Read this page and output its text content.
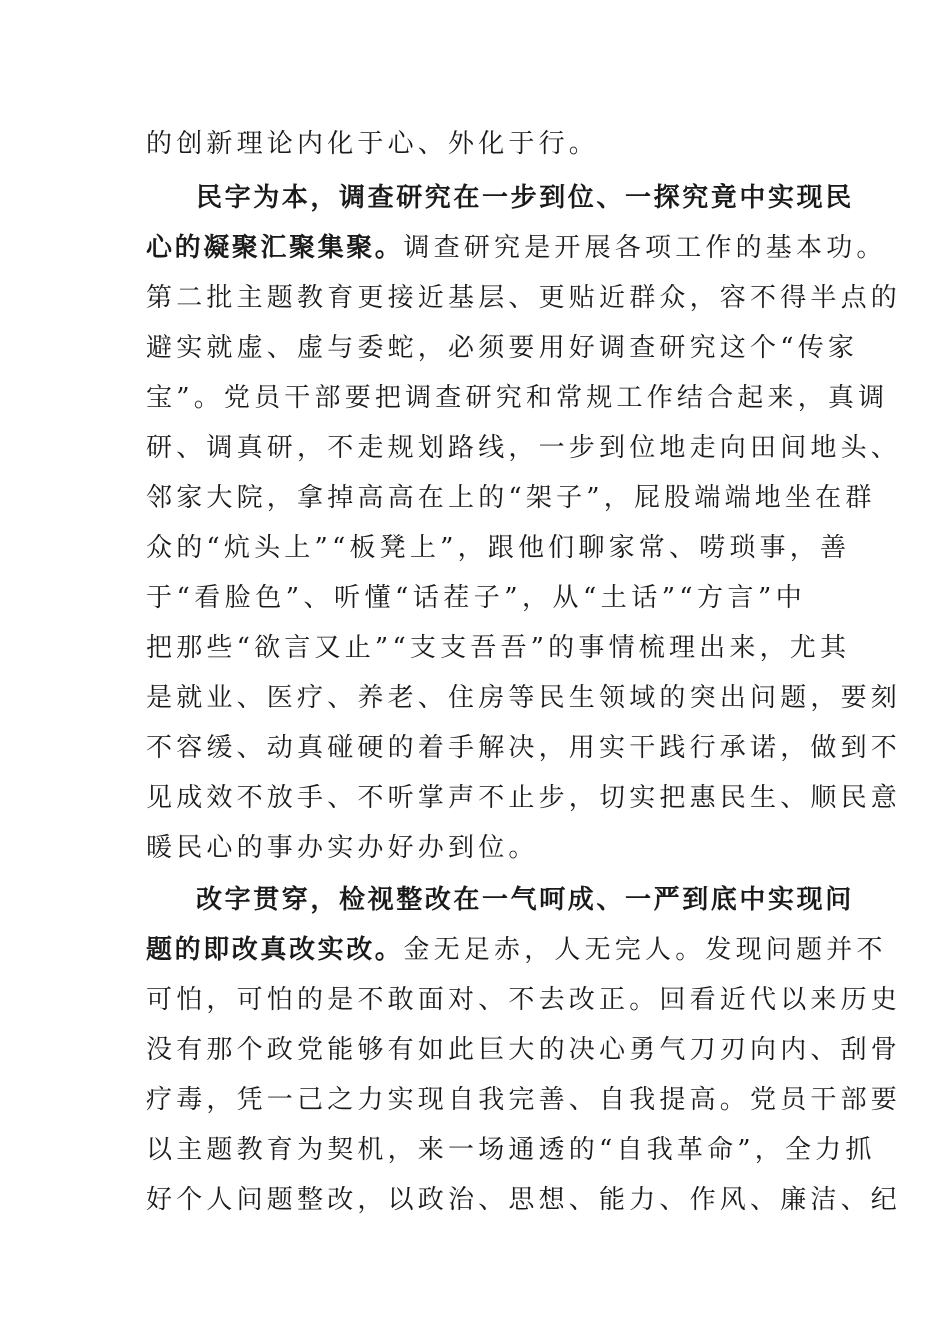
的创新理论内化于心、外化于行。
民字为本，调查研究在一步到位、一探究竟中实现民
心的凝聚汇聚集聚。调查研究是开展各项工作的基本功。
第二批主题教育更接近基层、更贴近群众，容不得半点的
避实就虚、虚与委蛇，必须要用好调查研究这个“传家
宝”。党员干部要把调查研究和常规工作结合起来，真调
研、调真研，不走规划路线，一步到位地走向田间地头、
邻家大院，拿掉高高在上的“架子”，屁股端端地坐在群
众的“炕头上”“板凳上”，跟他们聊家常、唠琐事，善
于“看脸色”、听懂“话茬子”，从“土话”“方言”中
把那些“欲言又止”“支支吾吾”的事情梳理出来，尤其
是就业、医疗、养老、住房等民生领域的突出问题，要刻
不容缓、动真碰硬的着手解决，用实干践行承诺，做到不
见成效不放手、不听掌声不止步，切实把惠民生、顺民意
暖民心的事办实办好办到位。
改字贯穿，检视整改在一气呵成、一严到底中实现问
题的即改真改实改。金无足赤，人无完人。发现问题并不
可怕，可怕的是不敢面对、不去改正。回看近代以来历史
没有那个政党能够有如此巨大的决心勇气刀刃向内、刮骨
疗毒，凭一己之力实现自我完善、自我提高。党员干部要
以主题教育为契机，来一场通透的“自我革命”，全力抓
好个人问题整改，以政治、思想、能力、作风、廉洁、纪
